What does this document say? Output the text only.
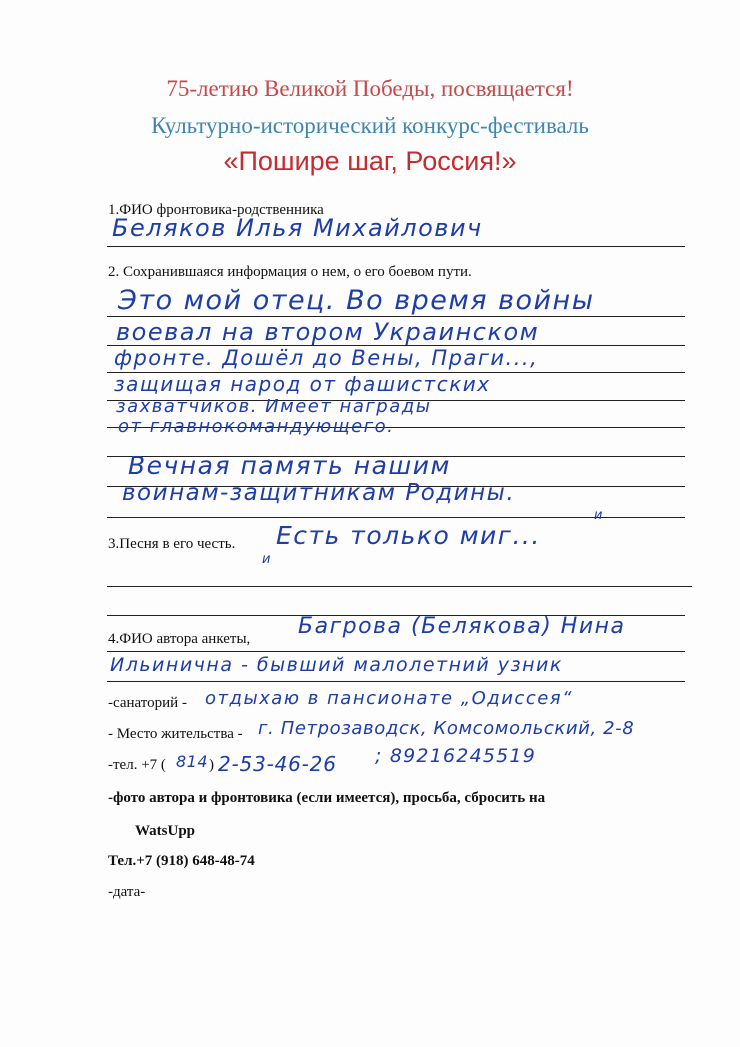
75-летию Великой Победы, посвящается!
Культурно-исторический конкурс-фестиваль
«Пошире шаг, Россия!»
1.ФИО фронтовика-родственника
Беляков Илья Михайлович
2. Сохранившаяся информация о нем, о его боевом пути.
Это мой отец. Во время войны
воевал на втором Украинском
фронте. Дошёл до Вены, Праги...,
защищая народ от фашистских
захватчиков. Имеет награды
от главнокомандующего.
Вечная память нашим
воинам-защитникам Родины.
3.Песня в его честь. Есть только миг...
и
и
4.ФИО автора анкеты, Багрова (Белякова) Нина
Ильинична - бывший малолетний узник
-санаторий - отдыхаю в пансионате „Одиссея“
- Место жительства - г. Петрозаводск, Комсомольский, 2-8
-тел. +7 ( 814 ) 2-53-46-26 ; 89216245519
-фото автора и фронтовика (если имеется), просьба, сбросить на
WatsUpp
Тел.+7 (918) 648-48-74
-дата-
